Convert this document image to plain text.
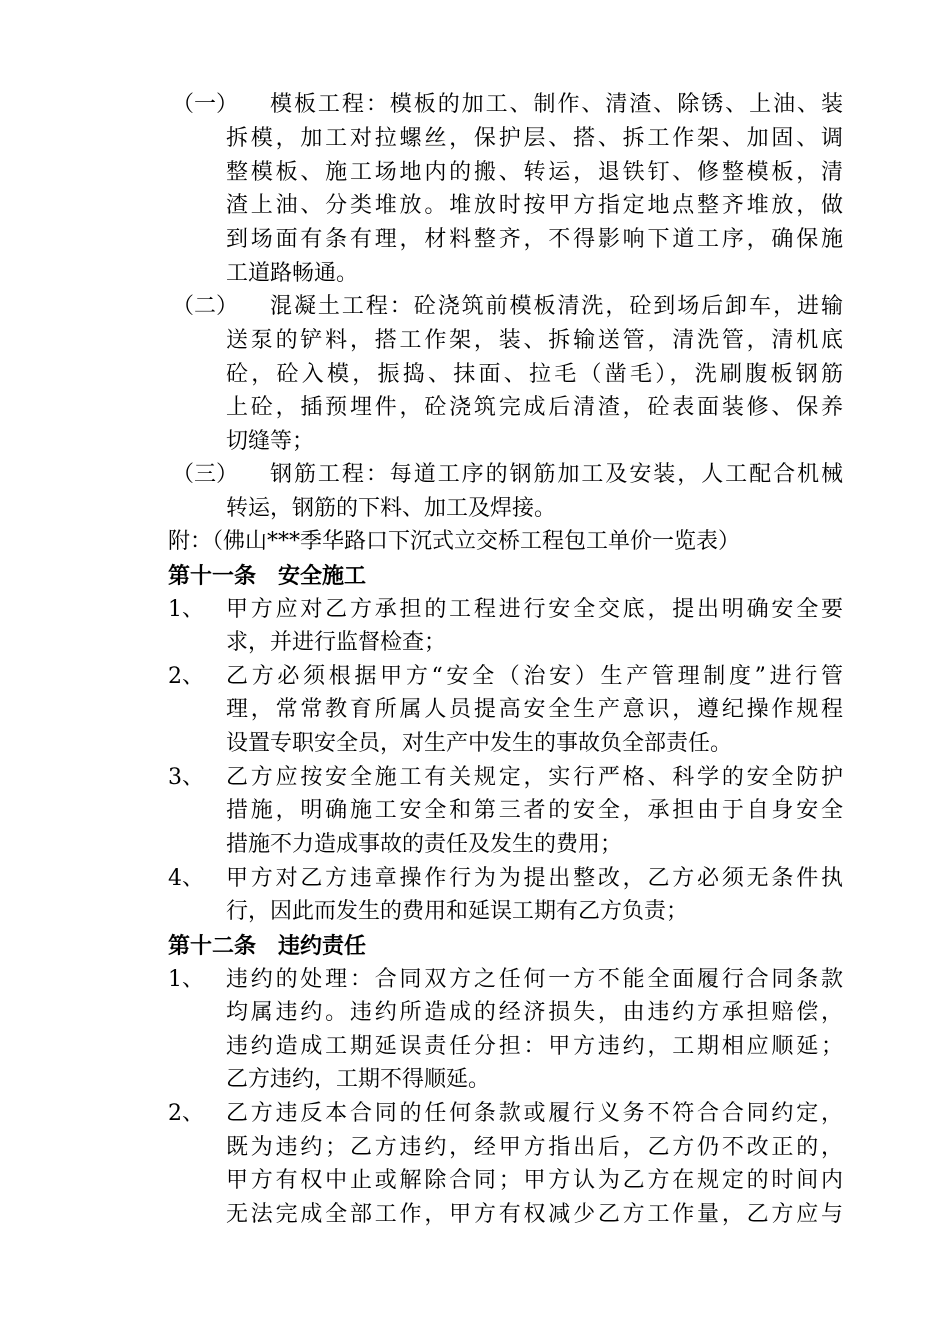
（一） 模板工程：模板的加工、制作、清渣、除锈、上油、装
拆模，加工对拉螺丝，保护层、搭、拆工作架、加固、调
整模板、施工场地内的搬、转运，退铁钉、修整模板，清
渣上油、分类堆放。堆放时按甲方指定地点整齐堆放，做
到场面有条有理，材料整齐，不得影响下道工序，确保施
工道路畅通。
（二） 混凝土工程：砼浇筑前模板清洗，砼到场后卸车，进输
送泵的铲料，搭工作架，装、拆输送管，清洗管，清机底
砼，砼入模，振捣、抹面、拉毛（凿毛），洗刷腹板钢筋
上砼，插预埋件，砼浇筑完成后清渣，砼表面装修、保养
切缝等；
（三） 钢筋工程：每道工序的钢筋加工及安装，人工配合机械
转运，钢筋的下料、加工及焊接。
附：（佛山***季华路口下沉式立交桥工程包工单价一览表）
第十一条　安全施工
1、 甲方应对乙方承担的工程进行安全交底，提出明确安全要
求，并进行监督检查；
2、 乙方必须根据甲方“安全（治安）生产管理制度”进行管
理，常常教育所属人员提高安全生产意识，遵纪操作规程
设置专职安全员，对生产中发生的事故负全部责任。
3、 乙方应按安全施工有关规定，实行严格、科学的安全防护
措施，明确施工安全和第三者的安全，承担由于自身安全
措施不力造成事故的责任及发生的费用；
4、 甲方对乙方违章操作行为为提出整改，乙方必须无条件执
行，因此而发生的费用和延误工期有乙方负责；
第十二条　违约责任
1、 违约的处理：合同双方之任何一方不能全面履行合同条款
均属违约。违约所造成的经济损失，由违约方承担赔偿，
违约造成工期延误责任分担：甲方违约，工期相应顺延；
乙方违约，工期不得顺延。
2、 乙方违反本合同的任何条款或履行义务不符合合同约定，
既为违约；乙方违约，经甲方指出后，乙方仍不改正的，
甲方有权中止或解除合同；甲方认为乙方在规定的时间内
无法完成全部工作，甲方有权减少乙方工作量，乙方应与
